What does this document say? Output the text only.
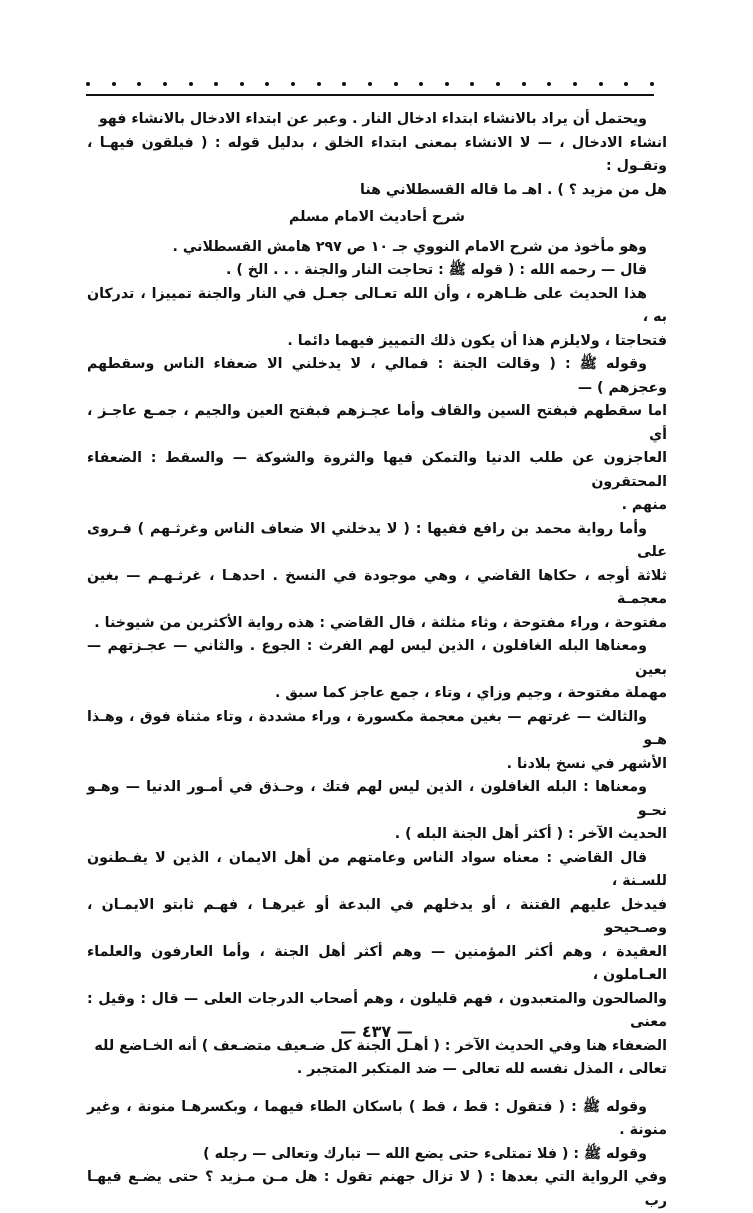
ويحتمل أن يراد بالانشاء ابتداء ادخال النار . وعبر عن ابتداء الادخال بالانشاء فهو

انشاء الادخال ، — لا الانشاء بمعنى ابتداء الخلق ، بدليل قوله : ( فيلقون فيهـا ، وتقـول :

هل من مزيد ؟ ) . اهـ ما قاله القسطلاني هنا

شرح أحاديث الامام مسلم

وهو مأخوذ من شرح الامام النووي جـ ١٠ ص ٢٩٧ هامش القسطلاني .

قال — رحمه الله : ( قوله ﷺ : تحاجت النار والجنة . . . الخ ) .

هذا الحديث على ظـاهره ، وأن الله تعـالى جعـل في النار والجنة تمييزا ، تدركان به ،

فتحاجتا ، ولايلزم هذا أن يكون ذلك التمييز فيهما دائما .

وقوله ﷺ : ( وقالت الجنة : فمالي ، لا يدخلني الا ضعفاء الناس وسقطهم وعجزهم ) —

اما سقطهم فبفتح السين والقاف وأما عجـزهم فبفتح العين والجيم ، جمـع عاجـز ، أي

العاجزون عن طلب الدنيا والتمكن فيها والثروة والشوكة — والسقط : الضعفاء المحتقرون

منهم .

وأما رواية محمد بن رافع ففيها : ( لا يدخلني الا ضعاف الناس وغرثـهم ) فـروى على

ثلاثة أوجه ، حكاها القاضي ، وهي موجودة في النسخ . احدهـا ، غرثـهـم — بغين معجمـة

مفتوحة ، وراء مفتوحة ، وثاء مثلثة ، قال القاضي : هذه رواية الأكثرين من شيوخنا .

ومعناها البله الغافلون ، الذين ليس لهم الفرث : الجوع . والثاني — عجـزتهم — بعين

مهملة مفتوحة ، وجيم وزاي ، وتاء ، جمع عاجز كما سبق .

والثالث — غرتهم — بغين معجمة مكسورة ، وراء مشددة ، وتاء مثناة فوق ، وهـذا هـو

الأشهر في نسخ بلادنا .

ومعناها : البله الغافلون ، الذين ليس لهم فتك ، وحـذق في أمـور الدنيا — وهـو نحـو

الحديث الآخر : ( أكثر أهل الجنة البله ) .

قال القاضي : معناه سواد الناس وعامتهم من أهل الايمان ، الذين لا يفـطنون للسـنة ،

فيدخل عليهم الفتنة ، أو يدخلهم في البدعة أو غيرهـا ، فهـم ثابتو الايمـان ، وصـحيحو

العقيدة ، وهم أكثر المؤمنين — وهم أكثر أهل الجنة ، وأما العارفون والعلماء العـاملون ،

والصالحون والمتعبدون ، فهم قليلون ، وهم أصحاب الدرجات العلى — قال : وقيل : معنى

الضعفاء هنا وفي الحديث الآخر : ( أهـل الجنة كل ضـعيف متضـعف ) أنه الخـاضع لله

تعالى ، المذل نفسه لله تعالى — ضد المتكبر المتجبر .

وقوله ﷺ : ( فتقول : قط ، قط ) باسكان الطاء فيهما ، وبكسرهـا منونة ، وغير منونة .

وقوله ﷺ : ( فلا تمتلىء حتى يضع الله — تبارك وتعالى — رجله )

وفي الرواية التي بعدها : ( لا تزال جهنم تقول : هل مـن مـزيد ؟ حتى يضـع فيهـا رب

— ٤٣٧ —
